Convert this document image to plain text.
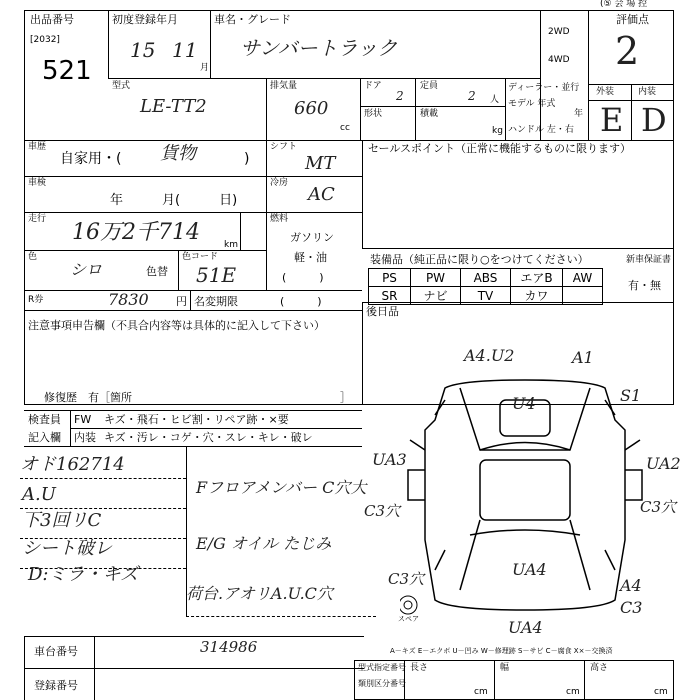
(⑤ 会 場 控
出品番号
[2032]
521
初度登録年月
15 11
月
車名・グレード
サンバートラック
2WD
4WD
評価点
2
外装	内装
E D
型式
LE-TT2
排気量
660
cc
ドア
2
定員
2 人
ディーラー・並行
モデル 年式
年
形状	積載
kg ハンドル 左・右
車歴
自家用・( 貨物	)
シフト
MT
セールスポイント（正常に機能するものに限ります）
車検
年　　　月(　　　日)
冷房
AC
走行
16万2千714	km
燃料
ガソリン
軽・油
(　　　)
色
シロ	色替
色コード
51E
装備品（純正品に限り○をつけてください）	新車保証書
有・無
PS	PW	ABS	エアB	AW
SR	ナビ	TV	カワ	
R券	7830 円 名変期限	(　　　)
後日品
注意事項申告欄（不具合内容等は具体的に記入して下さい）
修復歴　有［箇所	］
検査員 FW キズ・飛石・ヒビ割・リペア跡・×要
記入欄 内装 キズ・汚レ・コゲ・穴・スレ・キレ・破レ
オド162714
A.U
下3回リC
シート破レ
D:ミラ・キズ
Fフロアメンバー C穴大
E/G オイル たじみ
荷台.アオリA.U.C穴
A4.U2	A1
S1
U4
UA3	UA2
C3穴	C3穴
C3穴	UA4
A4
C3
スペア	UA4
車台番号	314986
登録番号
A－キズ E－エクボ U－凹み W－修理跡 S－サビ C－腐食 X×－交換済
型式指定番号
類別区分番号
長さ
cm
幅
cm
高さ
cm
